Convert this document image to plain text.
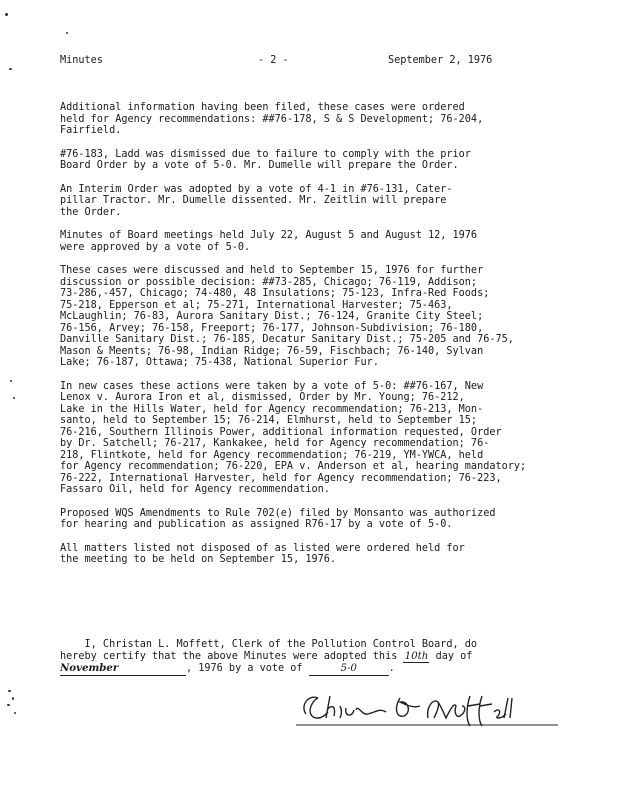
Minutes	- 2 -	September 2, 1976

Additional information having been filed, these cases were ordered
held for Agency recommendations: ##76-178, S & S Development; 76-204,
Fairfield.

#76-183, Ladd was dismissed due to failure to comply with the prior
Board Order by a vote of 5-0. Mr. Dumelle will prepare the Order.

An Interim Order was adopted by a vote of 4-1 in #76-131, Cater-
pillar Tractor. Mr. Dumelle dissented. Mr. Zeitlin will prepare
the Order.

Minutes of Board meetings held July 22, August 5 and August 12, 1976
were approved by a vote of 5-0.

These cases were discussed and held to September 15, 1976 for further
discussion or possible decision: ##73-285, Chicago; 76-119, Addison;
73-286,-457, Chicago; 74-480, 48 Insulations; 75-123, Infra-Red Foods;
75-218, Epperson et al; 75-271, International Harvester; 75-463,
McLaughlin; 76-83, Aurora Sanitary Dist.; 76-124, Granite City Steel;
76-156, Arvey; 76-158, Freeport; 76-177, Johnson-Subdivision; 76-180,
Danville Sanitary Dist.; 76-185, Decatur Sanitary Dist.; 75-205 and 76-75,
Mason & Meents; 76-98, Indian Ridge; 76-59, Fischbach; 76-140, Sylvan
Lake; 76-187, Ottawa; 75-438, National Superior Fur.

In new cases these actions were taken by a vote of 5-0: ##76-167, New
Lenox v. Aurora Iron et al, dismissed, Order by Mr. Young; 76-212,
Lake in the Hills Water, held for Agency recommendation; 76-213, Mon-
santo, held to September 15; 76-214, Elmhurst, held to September 15;
76-216, Southern Illinois Power, additional information requested, Order
by Dr. Satchell; 76-217, Kankakee, held for Agency recommendation; 76-
218, Flintkote, held for Agency recommendation; 76-219, YM-YWCA, held
for Agency recommendation; 76-220, EPA v. Anderson et al, hearing mandatory;
76-222, International Harvester, held for Agency recommendation; 76-223,
Fassaro Oil, held for Agency recommendation.

Proposed WQS Amendments to Rule 702(e) filed by Monsanto was authorized
for hearing and publication as assigned R76-17 by a vote of 5-0.

All matters listed not disposed of as listed were ordered held for
the meeting to be held on September 15, 1976.

I, Christan L. Moffett, Clerk of the Pollution Control Board, do
hereby certify that the above Minutes were adopted this 10th day of
November	, 1976 by a vote of	5-0	.
